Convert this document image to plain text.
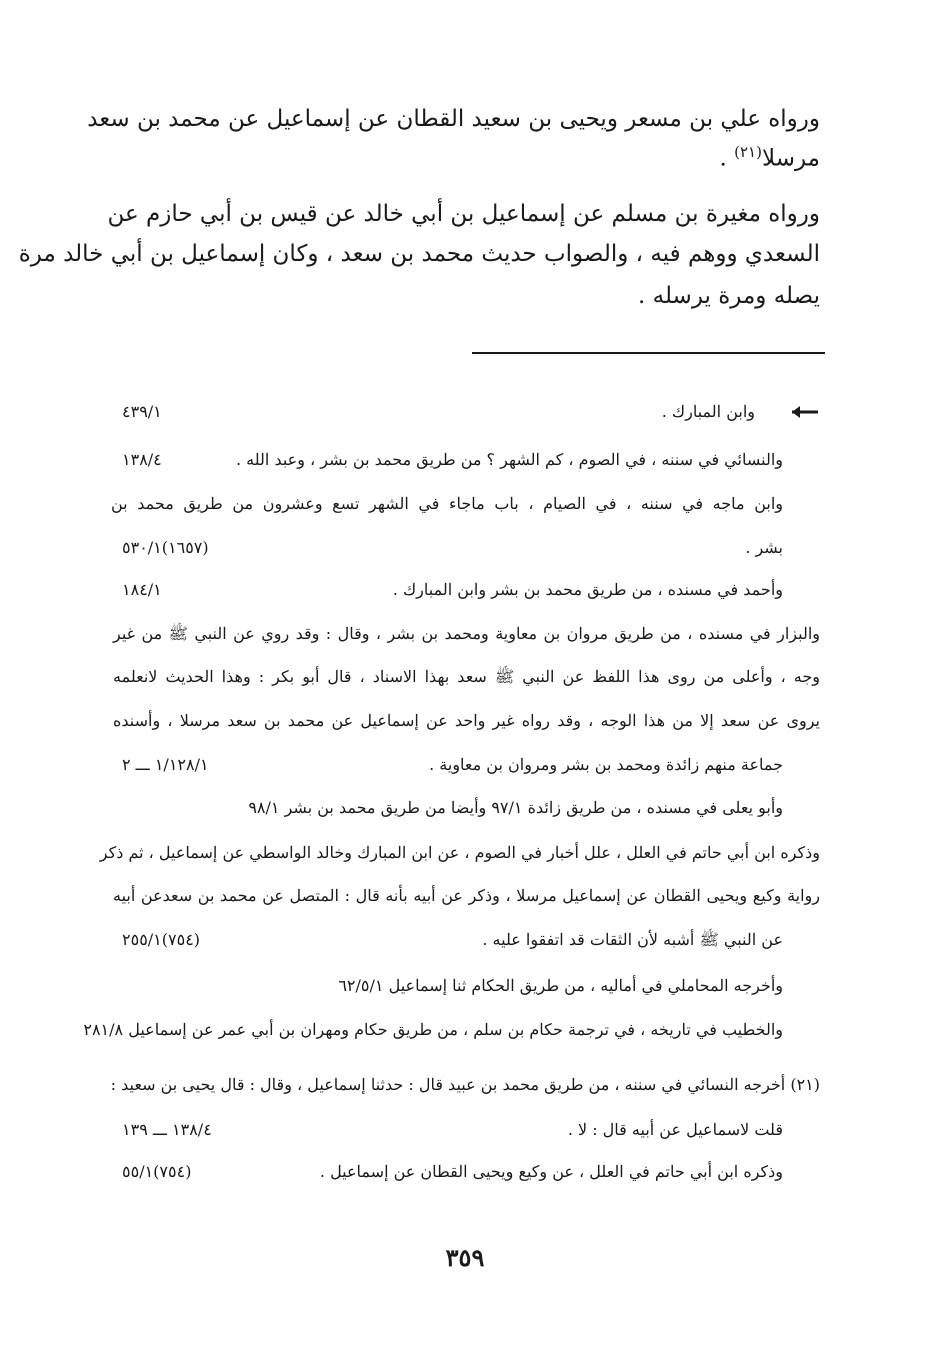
ورواه علي بن مسعر ويحيى بن سعيد القطان عن إسماعيل عن محمد بن سعد
مرسلا$^{(٢١)}$ .
ورواه مغيرة بن مسلم عن إسماعيل بن أبي خالد عن قيس بن أبي حازم عن
السعدي ووهم فيه ، والصواب حديث محمد بن سعد ، وكان إسماعيل بن أبي خالد مرة
يصله ومرة يرسله .
وابن المبارك .
٤٣٩/١
والنسائي في سننه ، في الصوم ، كم الشهر ؟ من طريق محمد بن بشر ، وعبد الله .
١٣٨/٤
وابن ماجه في سننه ، في الصيام ، باب ماجاء في الشهر تسع وعشرون من طريق محمد بن
بشر .
(١٦٥٧)٥٣٠/١
وأحمد في مسنده ، من طريق محمد بن بشر وابن المبارك .
١٨٤/١
والبزار في مسنده ، من طريق مروان بن معاوية ومحمد بن بشر ، وقال : وقد روي عن النبي ﷺ من غير
وجه ، وأعلى من روى هذا اللفظ عن النبي ﷺ سعد بهذا الاسناد ، قال أبو بكر : وهذا الحديث لانعلمه
يروى عن سعد إلا من هذا الوجه ، وقد رواه غير واحد عن إسماعيل عن محمد بن سعد مرسلا ، وأسنده
جماعة منهم زائدة ومحمد بن بشر ومروان بن معاوية .
١/١٢٨/١ ـــ ٢
وأبو يعلى في مسنده ، من طريق زائدة ٩٧/١ وأيضا من طريق محمد بن بشر ٩٨/١
وذكره ابن أبي حاتم في العلل ، علل أخبار في الصوم ، عن ابن المبارك وخالد الواسطي عن إسماعيل ، ثم ذكر
رواية وكيع ويحيى القطان عن إسماعيل مرسلا ، وذكر عن أبيه بأنه قال : المتصل عن محمد بن سعدعن أبيه
عن النبي ﷺ أشبه لأن الثقات قد اتفقوا عليه .
(٧٥٤)٢٥٥/١
وأخرجه المحاملي في أماليه ، من طريق الحكام ثنا إسماعيل ٦٢/٥/١
والخطيب في تاريخه ، في ترجمة حكام بن سلم ، من طريق حكام ومهران بن أبي عمر عن إسماعيل ٢٨١/٨
(٢١) أخرجه النسائي في سننه ، من طريق محمد بن عبيد قال : حدثنا إسماعيل ، وقال : قال يحيى بن سعيد :
قلت لاسماعيل عن أبيه قال : لا .
١٣٨/٤ ـــ ١٣٩
وذكره ابن أبي حاتم في العلل ، عن وكيع ويحيى القطان عن إسماعيل .
(٧٥٤)٥٥/١
٣٥٩
